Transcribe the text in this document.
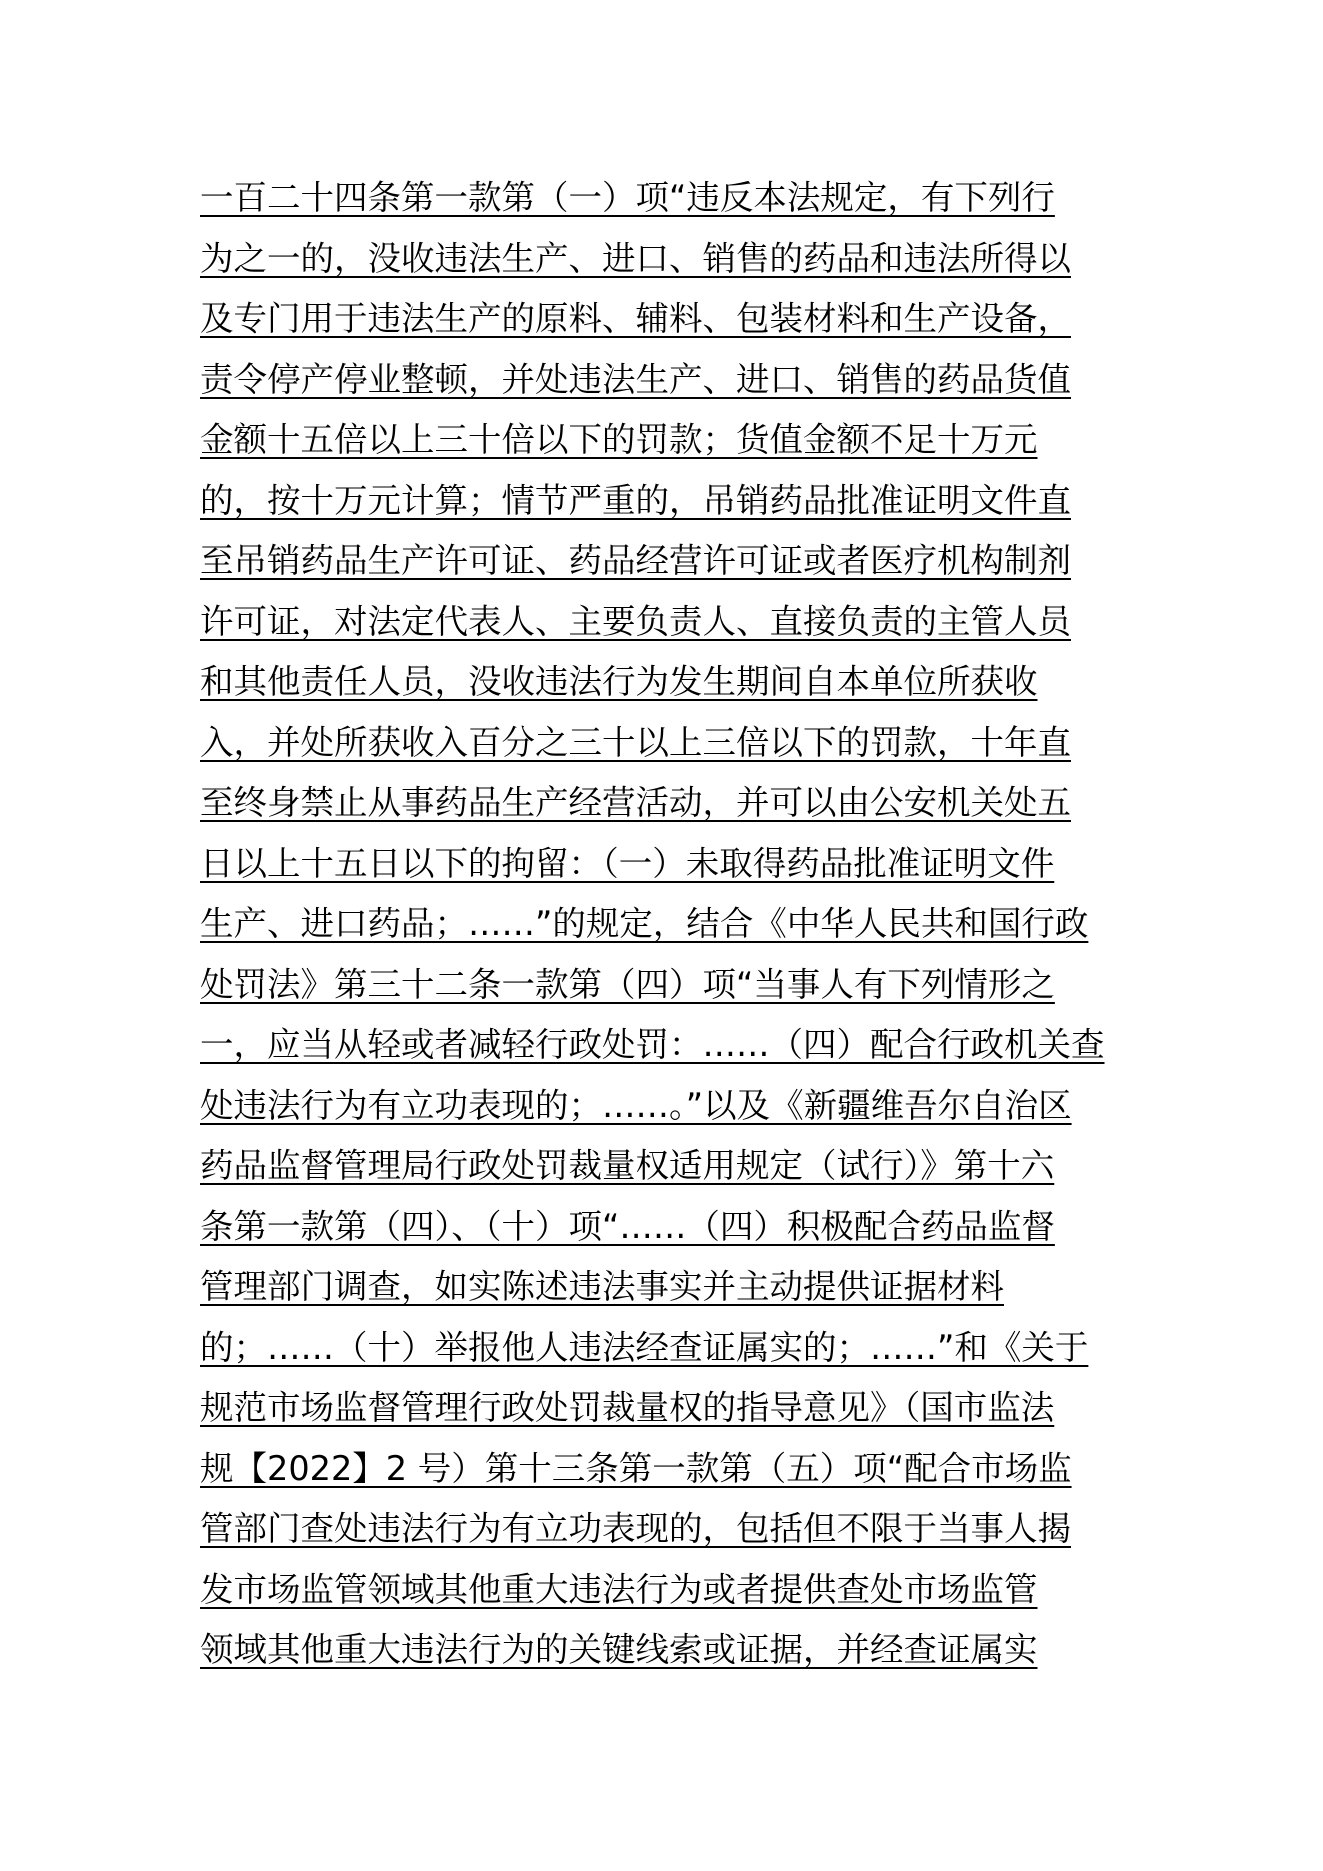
一百二十四条第一款第（一）项“违反本法规定，有下列行
为之一的，没收违法生产、进口、销售的药品和违法所得以
及专门用于违法生产的原料、辅料、包装材料和生产设备，
责令停产停业整顿，并处违法生产、进口、销售的药品货值
金额十五倍以上三十倍以下的罚款；货值金额不足十万元
的，按十万元计算；情节严重的，吊销药品批准证明文件直
至吊销药品生产许可证、药品经营许可证或者医疗机构制剂
许可证，对法定代表人、主要负责人、直接负责的主管人员
和其他责任人员，没收违法行为发生期间自本单位所获收
入，并处所获收入百分之三十以上三倍以下的罚款，十年直
至终身禁止从事药品生产经营活动，并可以由公安机关处五
日以上十五日以下的拘留：（一）未取得药品批准证明文件
生产、进口药品；……”的规定，结合《中华人民共和国行政
处罚法》第三十二条一款第（四）项“当事人有下列情形之
一，应当从轻或者减轻行政处罚：……（四）配合行政机关查
处违法行为有立功表现的；……。”以及《新疆维吾尔自治区
药品监督管理局行政处罚裁量权适用规定（试行）》第十六
条第一款第（四）、（十）项“……（四）积极配合药品监督
管理部门调查，如实陈述违法事实并主动提供证据材料
的；……（十）举报他人违法经查证属实的；……”和《关于
规范市场监督管理行政处罚裁量权的指导意见》（国市监法
规【2022】2 号）第十三条第一款第（五）项“配合市场监
管部门查处违法行为有立功表现的，包括但不限于当事人揭
发市场监管领域其他重大违法行为或者提供查处市场监管
领域其他重大违法行为的关键线索或证据，并经查证属实
